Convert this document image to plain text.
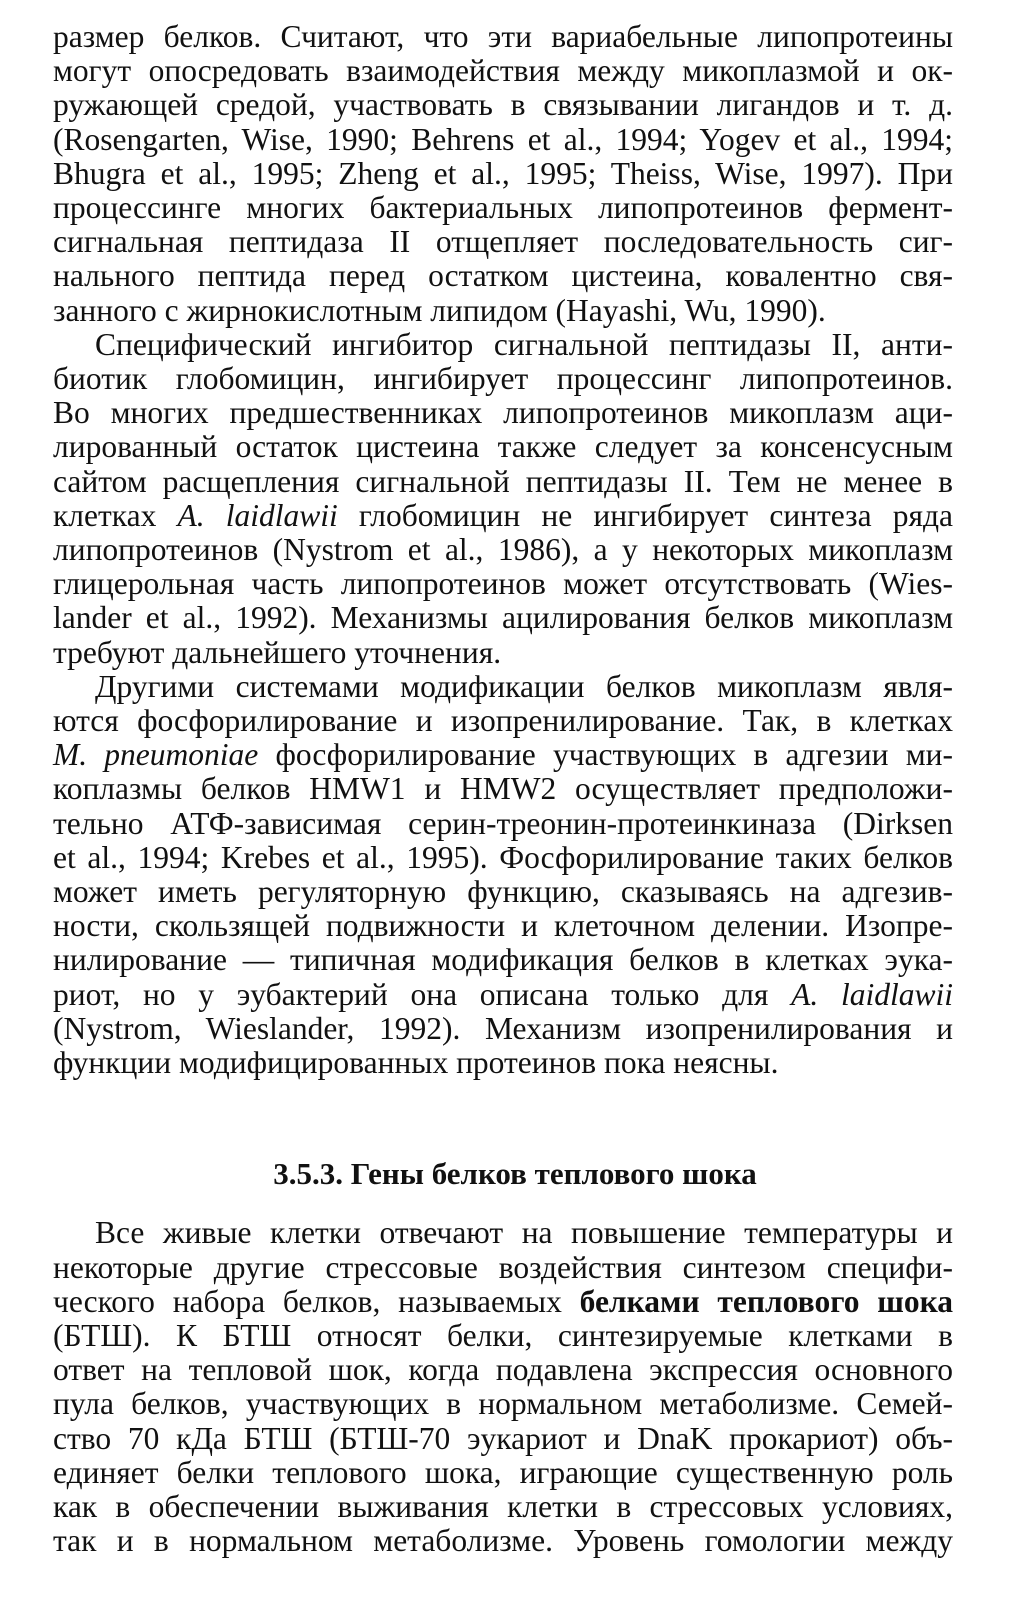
размер белков. Считают, что эти вариабельные липопротеины
могут опосредовать взаимодействия между микоплазмой и ок-
ружающей средой, участвовать в связывании лигандов и т. д.
(Rosengarten, Wise, 1990; Behrens et al., 1994; Yogev et al., 1994;
Bhugra et al., 1995; Zheng et al., 1995; Theiss, Wise, 1997). При
процессинге многих бактериальных липопротеинов фермент-
сигнальная пептидаза II отщепляет последовательность сиг-
нального пептида перед остатком цистеина, ковалентно свя-
занного с жирнокислотным липидом (Hayashi, Wu, 1990).

Специфический ингибитор сигнальной пептидазы II, анти-
биотик глобомицин, ингибирует процессинг липопротеинов.
Во многих предшественниках липопротеинов микоплазм аци-
лированный остаток цистеина также следует за консенсусным
сайтом расщепления сигнальной пептидазы II. Тем не менее в
клетках A. laidlawii глобомицин не ингибирует синтеза ряда
липопротеинов (Nystrom et al., 1986), а у некоторых микоплазм
глицерольная часть липопротеинов может отсутствовать (Wies-
lander et al., 1992). Механизмы ацилирования белков микоплазм
требуют дальнейшего уточнения.

Другими системами модификации белков микоплазм явля-
ются фосфорилирование и изопренилирование. Так, в клетках
M. pneumoniae фосфорилирование участвующих в адгезии ми-
коплазмы белков HMW1 и HMW2 осуществляет предположи-
тельно АТФ-зависимая серин-треонин-протеинкиназа (Dirksen
et al., 1994; Krebes et al., 1995). Фосфорилирование таких белков
может иметь регуляторную функцию, сказываясь на адгезив-
ности, скользящей подвижности и клеточном делении. Изопре-
нилирование — типичная модификация белков в клетках эука-
риот, но у эубактерий она описана только для A. laidlawii
(Nystrom, Wieslander, 1992). Механизм изопренилирования и
функции модифицированных протеинов пока неясны.

3.5.3. Гены белков теплового шока

Все живые клетки отвечают на повышение температуры и
некоторые другие стрессовые воздействия синтезом специфи-
ческого набора белков, называемых белками теплового шока
(БТШ). К БТШ относят белки, синтезируемые клетками в
ответ на тепловой шок, когда подавлена экспрессия основного
пула белков, участвующих в нормальном метаболизме. Семей-
ство 70 кДа БТШ (БТШ-70 эукариот и DnaK прокариот) объ-
единяет белки теплового шока, играющие существенную роль
как в обеспечении выживания клетки в стрессовых условиях,
так и в нормальном метаболизме. Уровень гомологии между
